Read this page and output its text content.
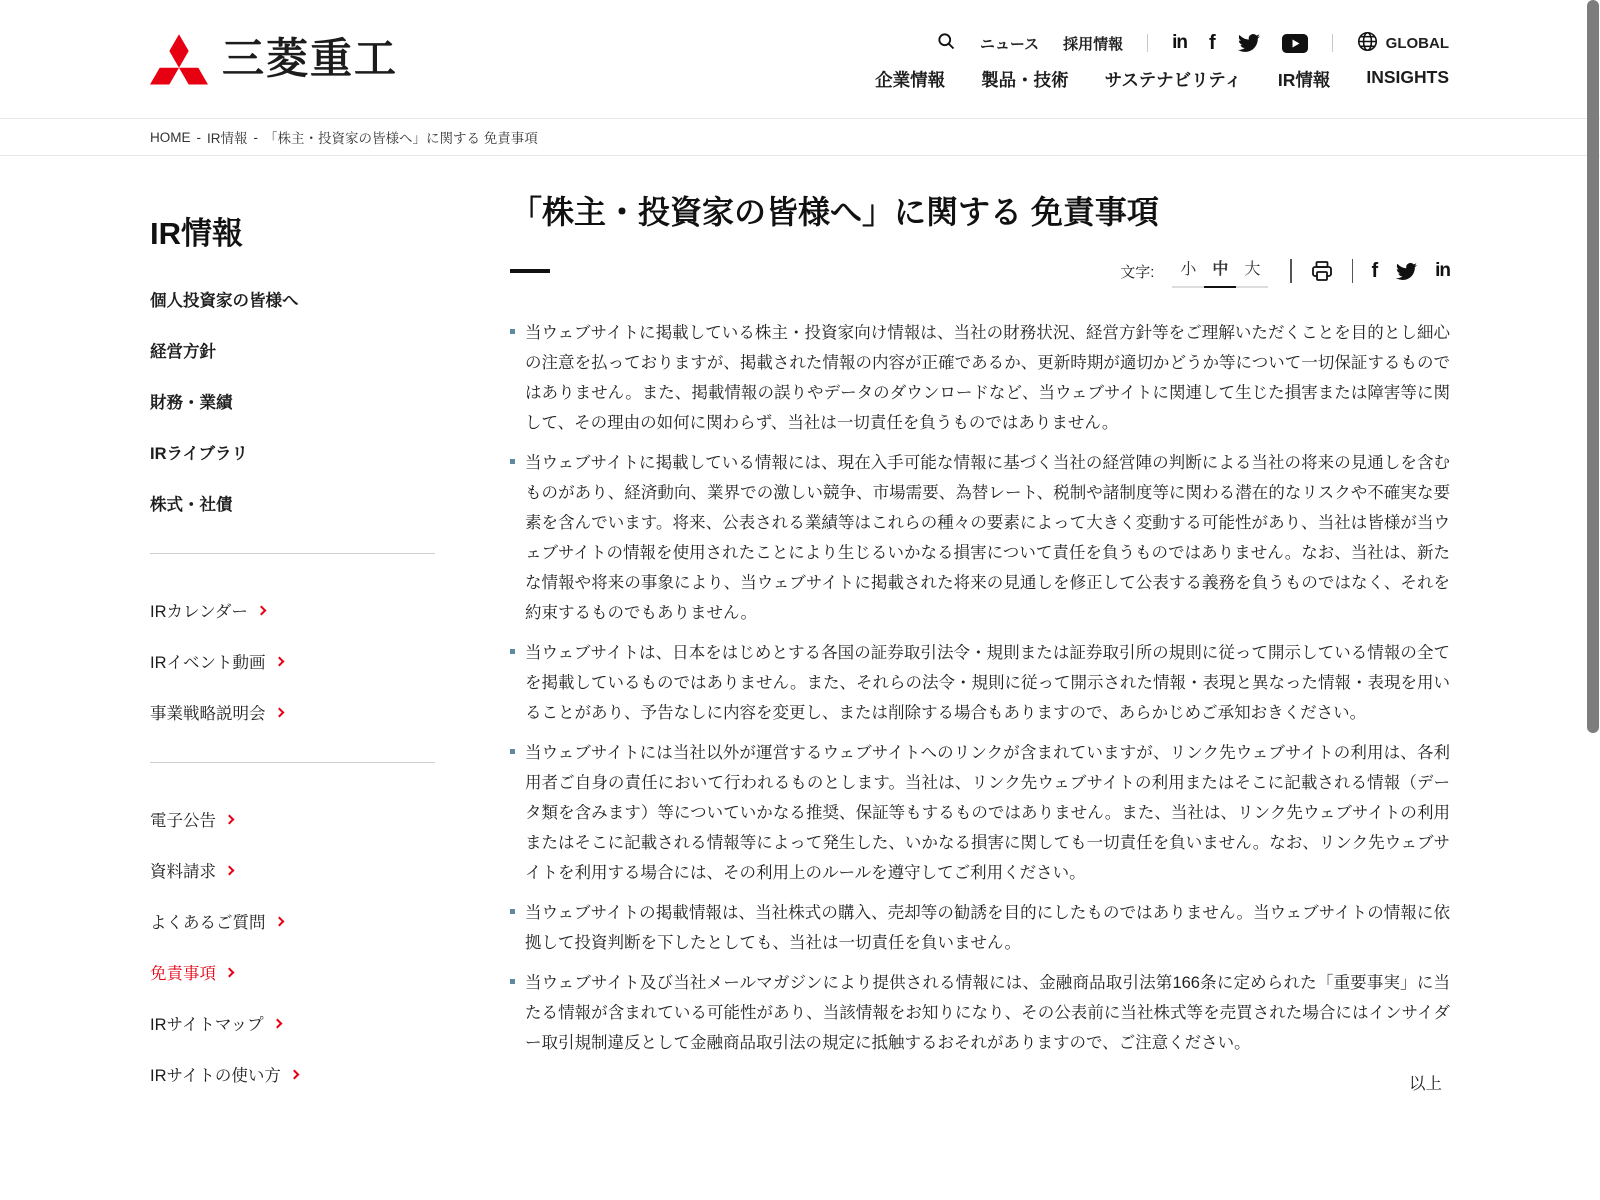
三菱重工	ニュース 採用情報	in f	GLOBAL
企業情報 製品・技術 サステナビリティ IR情報 INSIGHTS
HOME - IR情報 - 「株主・投資家の皆様へ」に関する 免責事項
IR情報
個人投資家の皆様へ
経営方針
財務・業績
IRライブラリ
株式・社債
IRカレンダー
IRイベント動画
事業戦略説明会
電子公告
資料請求
よくあるご質問
免責事項
IRサイトマップ
IRサイトの使い方
「株主・投資家の皆様へ」に関する 免責事項
文字:	小	中	大	f	in
当ウェブサイトに掲載している株主・投資家向け情報は、当社の財務状況、経営方針等をご理解いただくことを目的とし細心の注意を払っておりますが、掲載された情報の内容が正確であるか、更新時期が適切かどうか等について一切保証するものではありません。また、掲載情報の誤りやデータのダウンロードなど、当ウェブサイトに関連して生じた損害または障害等に関して、その理由の如何に関わらず、当社は一切責任を負うものではありません。
当ウェブサイトに掲載している情報には、現在入手可能な情報に基づく当社の経営陣の判断による当社の将来の見通しを含むものがあり、経済動向、業界での激しい競争、市場需要、為替レート、税制や諸制度等に関わる潜在的なリスクや不確実な要素を含んでいます。将来、公表される業績等はこれらの種々の要素によって大きく変動する可能性があり、当社は皆様が当ウェブサイトの情報を使用されたことにより生じるいかなる損害について責任を負うものではありません。なお、当社は、新たな情報や将来の事象により、当ウェブサイトに掲載された将来の見通しを修正して公表する義務を負うものではなく、それを約束するものでもありません。
当ウェブサイトは、日本をはじめとする各国の証券取引法令・規則または証券取引所の規則に従って開示している情報の全てを掲載しているものではありません。また、それらの法令・規則に従って開示された情報・表現と異なった情報・表現を用いることがあり、予告なしに内容を変更し、または削除する場合もありますので、あらかじめご承知おきください。
当ウェブサイトには当社以外が運営するウェブサイトへのリンクが含まれていますが、リンク先ウェブサイトの利用は、各利用者ご自身の責任において行われるものとします。当社は、リンク先ウェブサイトの利用またはそこに記載される情報（データ類を含みます）等についていかなる推奨、保証等もするものではありません。また、当社は、リンク先ウェブサイトの利用またはそこに記載される情報等によって発生した、いかなる損害に関しても一切責任を負いません。なお、リンク先ウェブサイトを利用する場合には、その利用上のルールを遵守してご利用ください。
当ウェブサイトの掲載情報は、当社株式の購入、売却等の勧誘を目的にしたものではありません。当ウェブサイトの情報に依拠して投資判断を下したとしても、当社は一切責任を負いません。
当ウェブサイト及び当社メールマガジンにより提供される情報には、金融商品取引法第166条に定められた「重要事実」に当たる情報が含まれている可能性があり、当該情報をお知りになり、その公表前に当社株式等を売買された場合にはインサイダー取引規制違反として金融商品取引法の規定に抵触するおそれがありますので、ご注意ください。
以上
